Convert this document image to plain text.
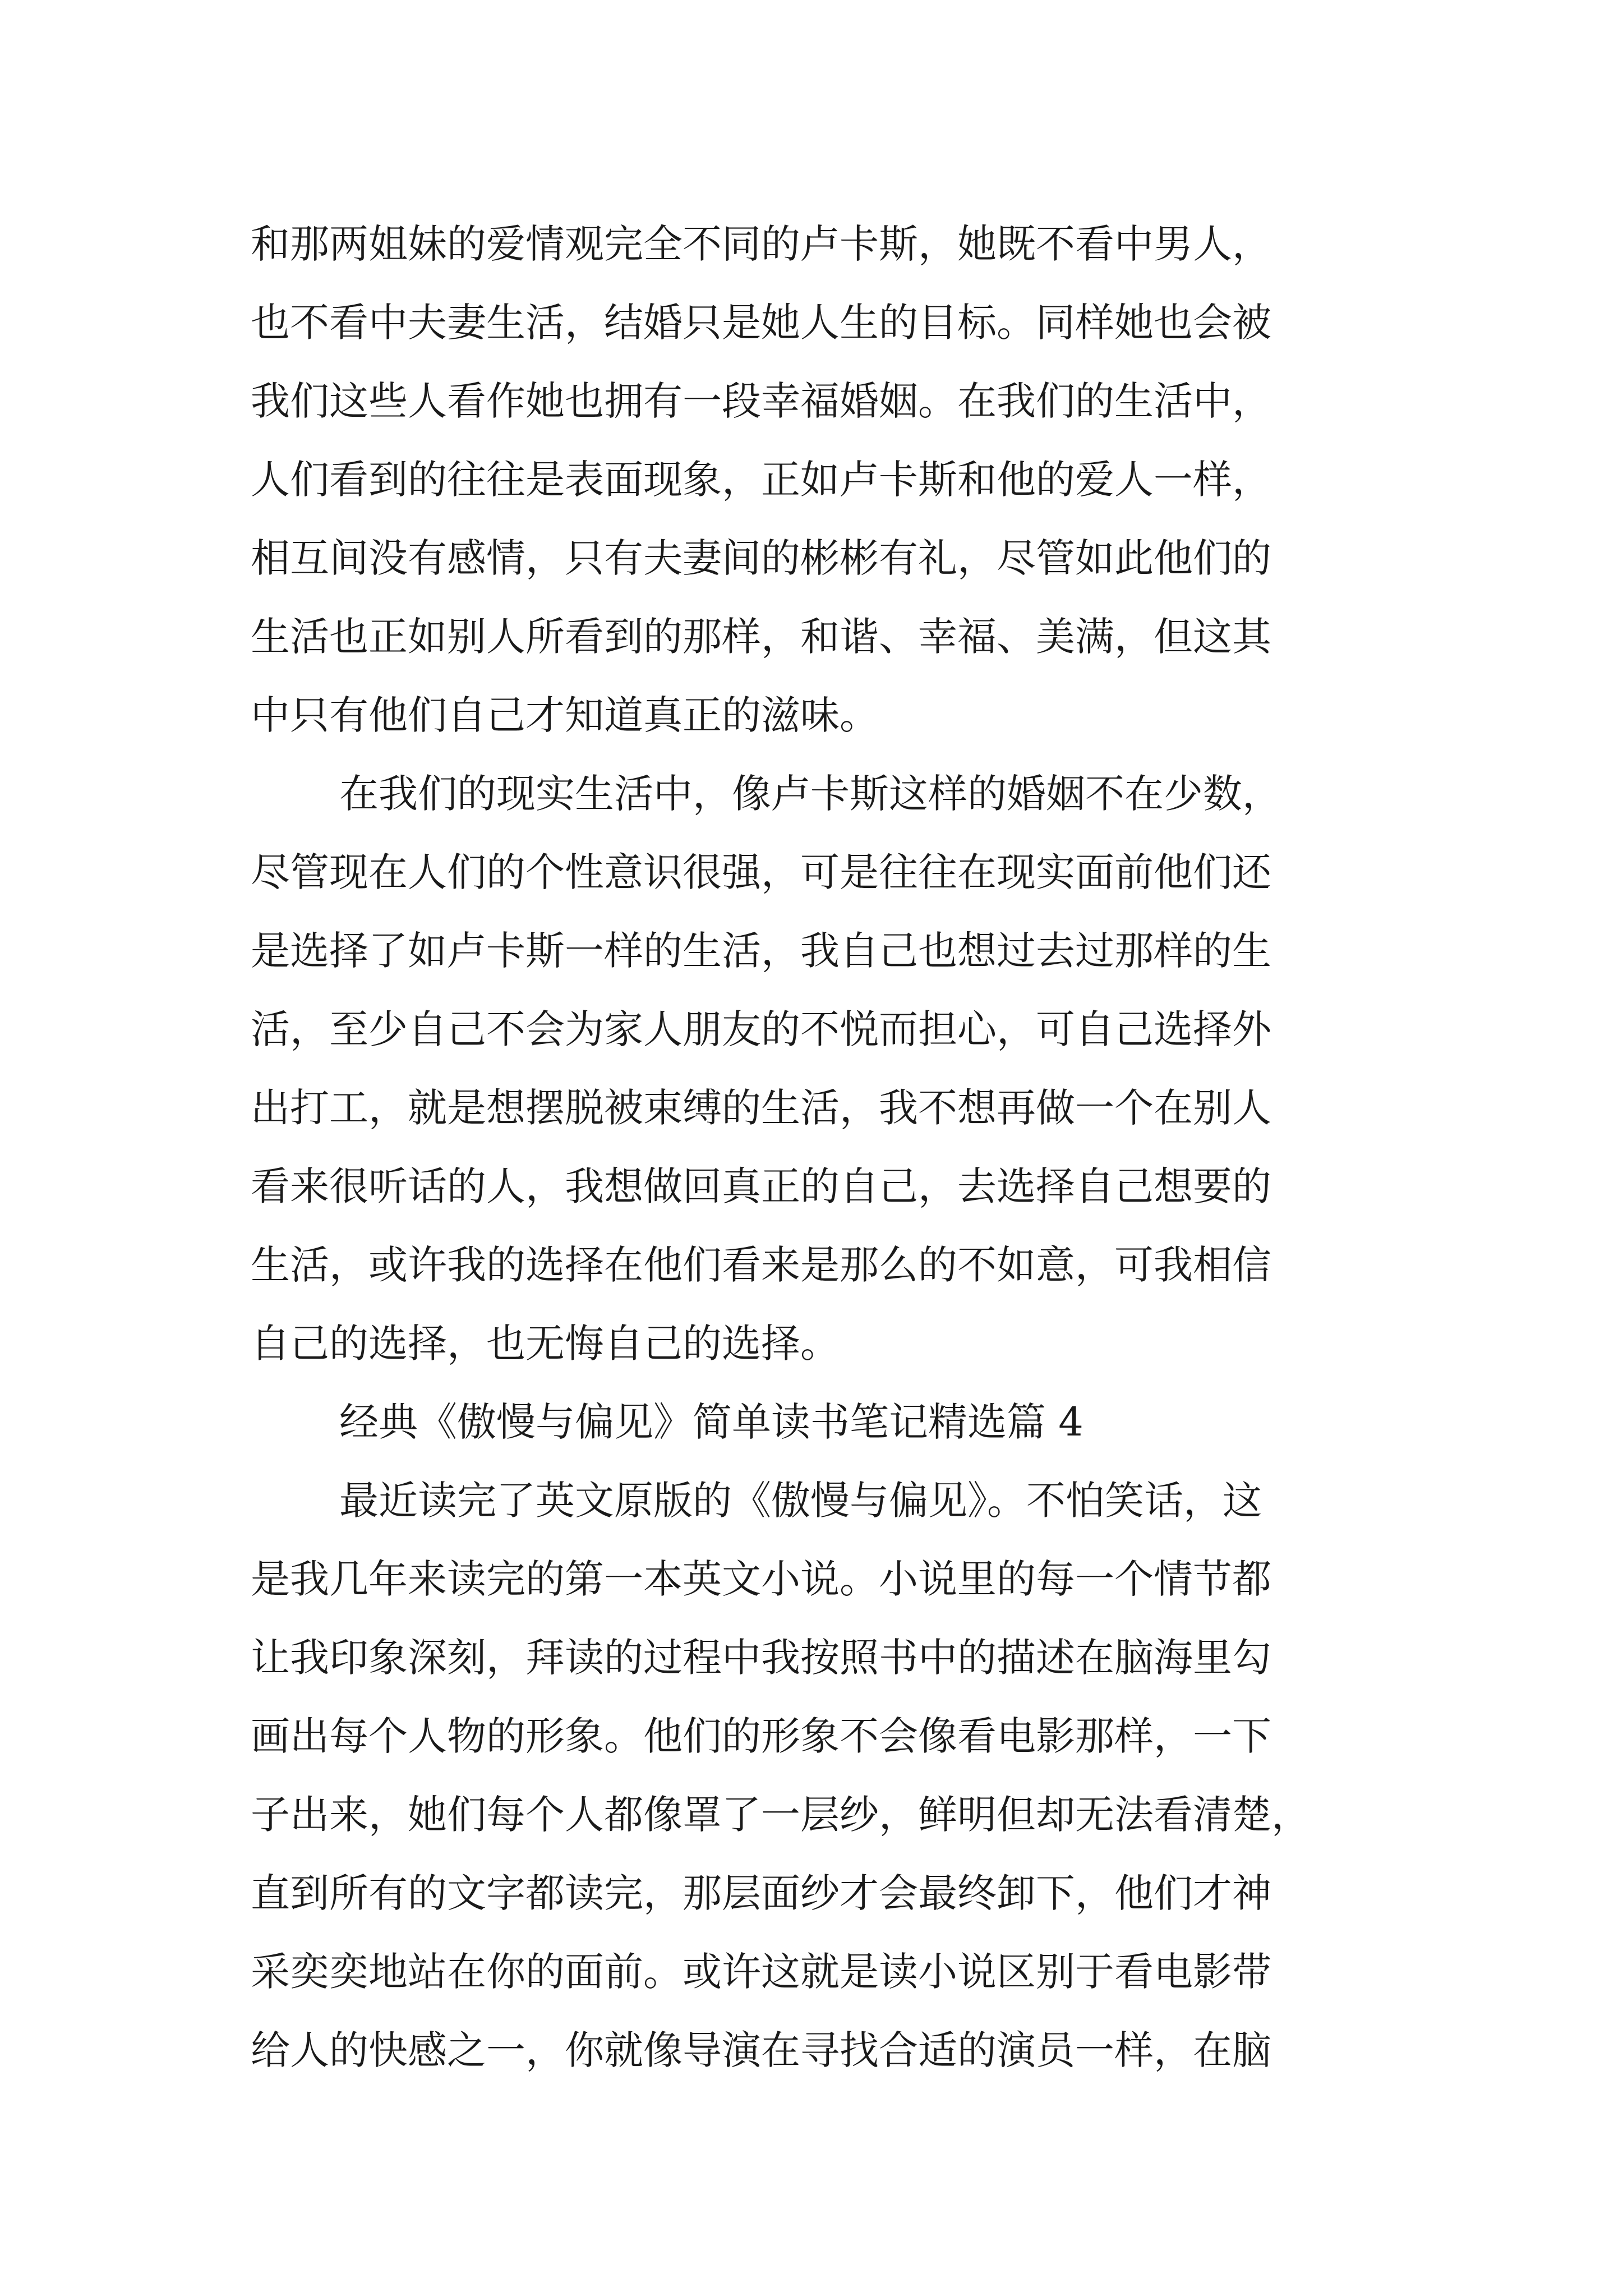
和那两姐妹的爱情观完全不同的卢卡斯，她既不看中男人，
也不看中夫妻生活，结婚只是她人生的目标。同样她也会被
我们这些人看作她也拥有一段幸福婚姻。在我们的生活中，
人们看到的往往是表面现象，正如卢卡斯和他的爱人一样，
相互间没有感情，只有夫妻间的彬彬有礼，尽管如此他们的
生活也正如别人所看到的那样，和谐、幸福、美满，但这其
中只有他们自己才知道真正的滋味。
在我们的现实生活中，像卢卡斯这样的婚姻不在少数，
尽管现在人们的个性意识很强，可是往往在现实面前他们还
是选择了如卢卡斯一样的生活，我自己也想过去过那样的生
活，至少自己不会为家人朋友的不悦而担心，可自己选择外
出打工，就是想摆脱被束缚的生活，我不想再做一个在别人
看来很听话的人，我想做回真正的自己，去选择自己想要的
生活，或许我的选择在他们看来是那么的不如意，可我相信
自己的选择，也无悔自己的选择。
经典《傲慢与偏见》简单读书笔记精选篇 4
最近读完了英文原版的《傲慢与偏见》。不怕笑话，这
是我几年来读完的第一本英文小说。小说里的每一个情节都
让我印象深刻，拜读的过程中我按照书中的描述在脑海里勾
画出每个人物的形象。他们的形象不会像看电影那样，一下
子出来，她们每个人都像罩了一层纱，鲜明但却无法看清楚，
直到所有的文字都读完，那层面纱才会最终卸下，他们才神
采奕奕地站在你的面前。或许这就是读小说区别于看电影带
给人的快感之一，你就像导演在寻找合适的演员一样，在脑
